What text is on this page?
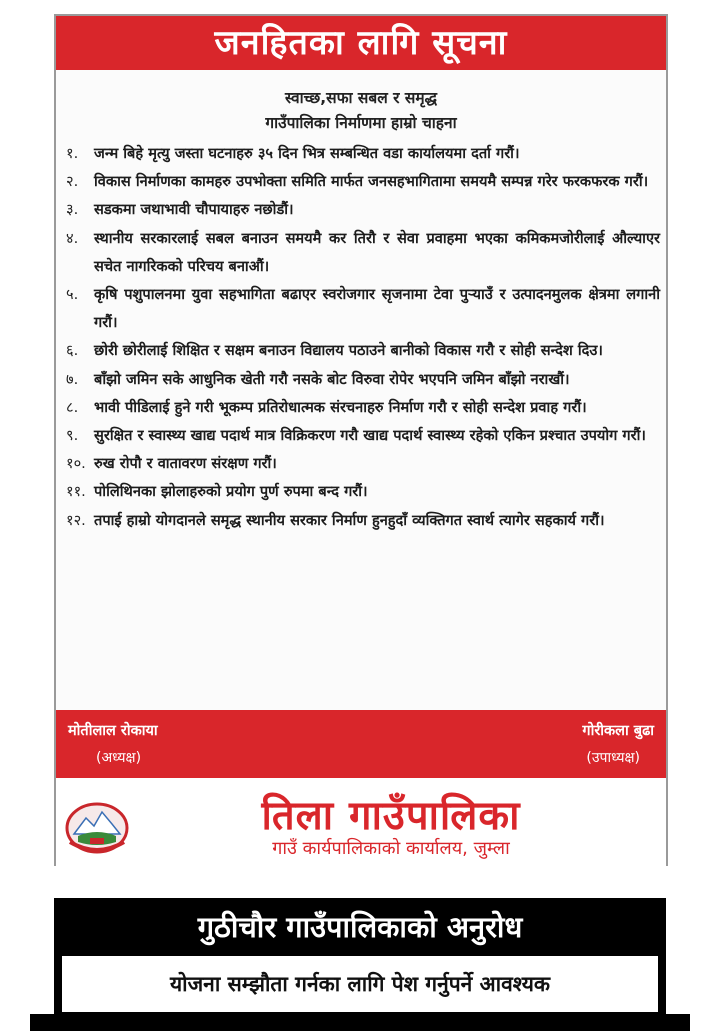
जनहितका लागि सूचना
स्वाच्छ,सफा सबल र समृद्ध
गाउँपालिका निर्माणमा हाम्रो चाहना
१. जन्म बिहे मृत्यु जस्ता घटनाहरु ३५ दिन भित्र सम्बन्धित वडा कार्यालयमा दर्ता गरौं।
२. विकास निर्माणका कामहरु उपभोक्ता समिति मार्फत जनसहभागितामा समयमै सम्पन्न गरेर फरकफरक गरौं।
३. सडकमा जथाभावी चौपायाहरु नछोडौं।
४. स्थानीय सरकारलाई सबल बनाउन समयमै कर तिरौ र सेवा प्रवाहमा भएका कमिकमजोरीलाई औल्याएर सचेत नागरिकको परिचय बनाऔं।
५. कृषि पशुपालनमा युवा सहभागिता बढाएर स्वरोजगार सृजनामा टेवा पुऱ्याउँ र उत्पादनमुलक क्षेत्रमा लगानी गरौं।
६. छोरी छोरीलाई शिक्षित र सक्षम बनाउन विद्यालय पठाउने बानीको विकास गरौ र सोही सन्देश दिउ।
७. बाँझो जमिन सके आधुनिक खेती गरौ नसके बोट विरुवा रोपेर भएपनि जमिन बाँझो नराखौं।
८. भावी पीडिलाई हुने गरी भूकम्प प्रतिरोधात्मक संरचनाहरु निर्माण गरौ र सोही सन्देश प्रवाह गरौं।
९. सुरक्षित र स्वास्थ्य खाद्य पदार्थ मात्र विक्रिकरण गरौ खाद्य पदार्थ स्वास्थ्य रहेको एकिन प्रश्चात उपयोग गरौं।
१०. रुख रोपौ र वातावरण संरक्षण गरौं।
११. पोलिथिनका झोलाहरुको प्रयोग पुर्ण रुपमा बन्द गरौं।
१२. तपाई हाम्रो योगदानले समृद्ध स्थानीय सरकार निर्माण हुनहुदाँ व्यक्तिगत स्वार्थ त्यागेर सहकार्य गरौं।
मोतीलाल रोकाया
(अध्यक्ष)
गोरीकला बुढा
(उपाध्यक्ष)
तिला गाउँपालिका
गाउँ कार्यपालिकाको कार्यालय, जुम्ला
गुठीचौर गाउँपालिकाको अनुरोध
योजना सम्झौता गर्नका लागि पेश गर्नुपर्ने आवश्यक
